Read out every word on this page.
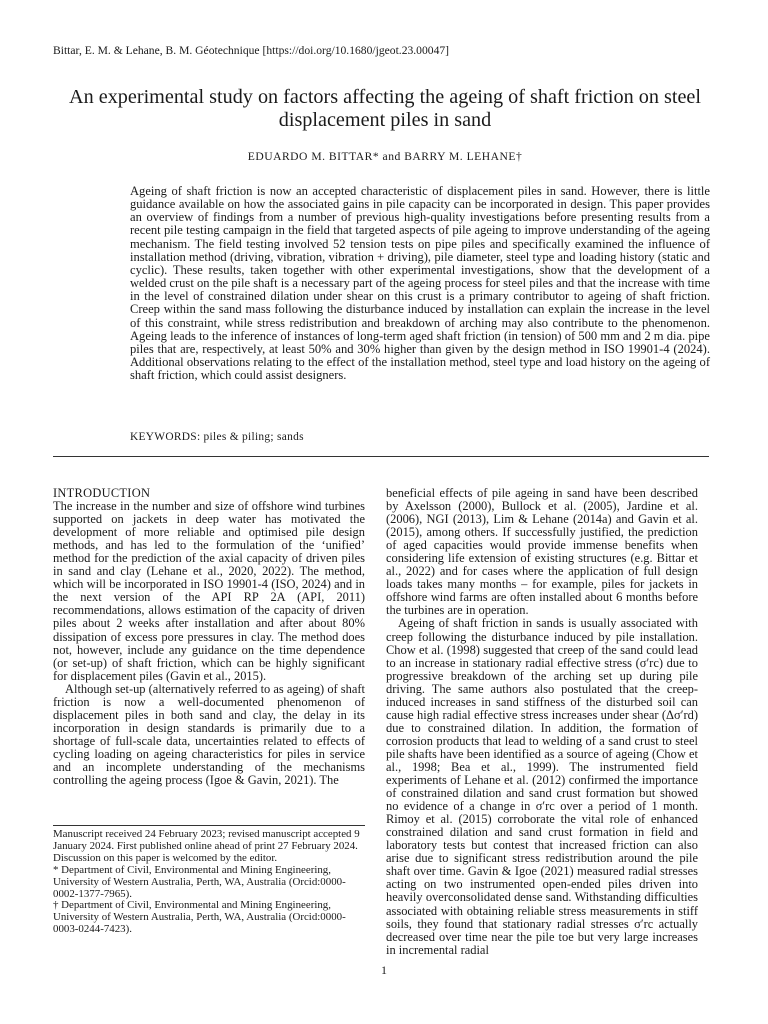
Bittar, E. M. & Lehane, B. M. Géotechnique [https://doi.org/10.1680/jgeot.23.00047]
An experimental study on factors affecting the ageing of shaft friction on steel displacement piles in sand
EDUARDO M. BITTAR* and BARRY M. LEHANE†

Ageing of shaft friction is now an accepted characteristic of displacement piles in sand. However, there is little guidance available on how the associated gains in pile capacity can be incorporated in design. This paper provides an overview of findings from a number of previous high-quality investigations before presenting results from a recent pile testing campaign in the field that targeted aspects of pile ageing to improve understanding of the ageing mechanism. The field testing involved 52 tension tests on pipe piles and specifically examined the influence of installation method (driving, vibration, vibration + driving), pile diameter, steel type and loading history (static and cyclic). These results, taken together with other experimental investigations, show that the development of a welded crust on the pile shaft is a necessary part of the ageing process for steel piles and that the increase with time in the level of constrained dilation under shear on this crust is a primary contributor to ageing of shaft friction. Creep within the sand mass following the disturbance induced by installation can explain the increase in the level of this constraint, while stress redistribution and breakdown of arching may also contribute to the phenomenon. Ageing leads to the inference of instances of long-term aged shaft friction (in tension) of 500 mm and 2 m dia. pipe piles that are, respectively, at least 50% and 30% higher than given by the design method in ISO 19901-4 (2024). Additional observations relating to the effect of the installation method, steel type and load history on the ageing of shaft friction, which could assist designers.

KEYWORDS: piles & piling; sands
INTRODUCTION

The increase in the number and size of offshore wind turbines supported on jackets in deep water has motivated the development of more reliable and optimised pile design methods, and has led to the formulation of the ‘unified’ method for the prediction of the axial capacity of driven piles in sand and clay (Lehane et al., 2020, 2022). The method, which will be incorporated in ISO 19901-4 (ISO, 2024) and in the next version of the API RP 2A (API, 2011) recommendations, allows estimation of the capacity of driven piles about 2 weeks after installation and after about 80% dissipation of excess pore pressures in clay. The method does not, however, include any guidance on the time dependence (or set-up) of shaft friction, which can be highly significant for displacement piles (Gavin et al., 2015).

Although set-up (alternatively referred to as ageing) of shaft friction is now a well-documented phenomenon of displacement piles in both sand and clay, the delay in its incorporation in design standards is primarily due to a shortage of full-scale data, uncertainties related to effects of cycling loading on ageing characteristics for piles in service and an incomplete understanding of the mechanisms controlling the ageing process (Igoe & Gavin, 2021). The

Manuscript received 24 February 2023; revised manuscript accepted 9 January 2024. First published online ahead of print 27 February 2024.

Discussion on this paper is welcomed by the editor.

* Department of Civil, Environmental and Mining Engineering, University of Western Australia, Perth, WA, Australia (Orcid:0000-0002-1377-7965).

† Department of Civil, Environmental and Mining Engineering, University of Western Australia, Perth, WA, Australia (Orcid:0000-0003-0244-7423).

beneficial effects of pile ageing in sand have been described by Axelsson (2000), Bullock et al. (2005), Jardine et al. (2006), NGI (2013), Lim & Lehane (2014a) and Gavin et al. (2015), among others. If successfully justified, the prediction of aged capacities would provide immense benefits when considering life extension of existing structures (e.g. Bittar et al., 2022) and for cases where the application of full design loads takes many months – for example, piles for jackets in offshore wind farms are often installed about 6 months before the turbines are in operation.

Ageing of shaft friction in sands is usually associated with creep following the disturbance induced by pile installation. Chow et al. (1998) suggested that creep of the sand could lead to an increase in stationary radial effective stress (σ′rc) due to progressive breakdown of the arching set up during pile driving. The same authors also postulated that the creep-induced increases in sand stiffness of the disturbed soil can cause high radial effective stress increases under shear (Δσ′rd) due to constrained dilation. In addition, the formation of corrosion products that lead to welding of a sand crust to steel pile shafts have been identified as a source of ageing (Chow et al., 1998; Bea et al., 1999). The instrumented field experiments of Lehane et al. (2012) confirmed the importance of constrained dilation and sand crust formation but showed no evidence of a change in σ′rc over a period of 1 month. Rimoy et al. (2015) corroborate the vital role of enhanced constrained dilation and sand crust formation in field and laboratory tests but contest that increased friction can also arise due to significant stress redistribution around the pile shaft over time. Gavin & Igoe (2021) measured radial stresses acting on two instrumented open-ended piles driven into heavily overconsolidated dense sand. Withstanding difficulties associated with obtaining reliable stress measurements in stiff soils, they found that stationary radial stresses σ′rc actually decreased over time near the pile toe but very large increases in incremental radial

1
